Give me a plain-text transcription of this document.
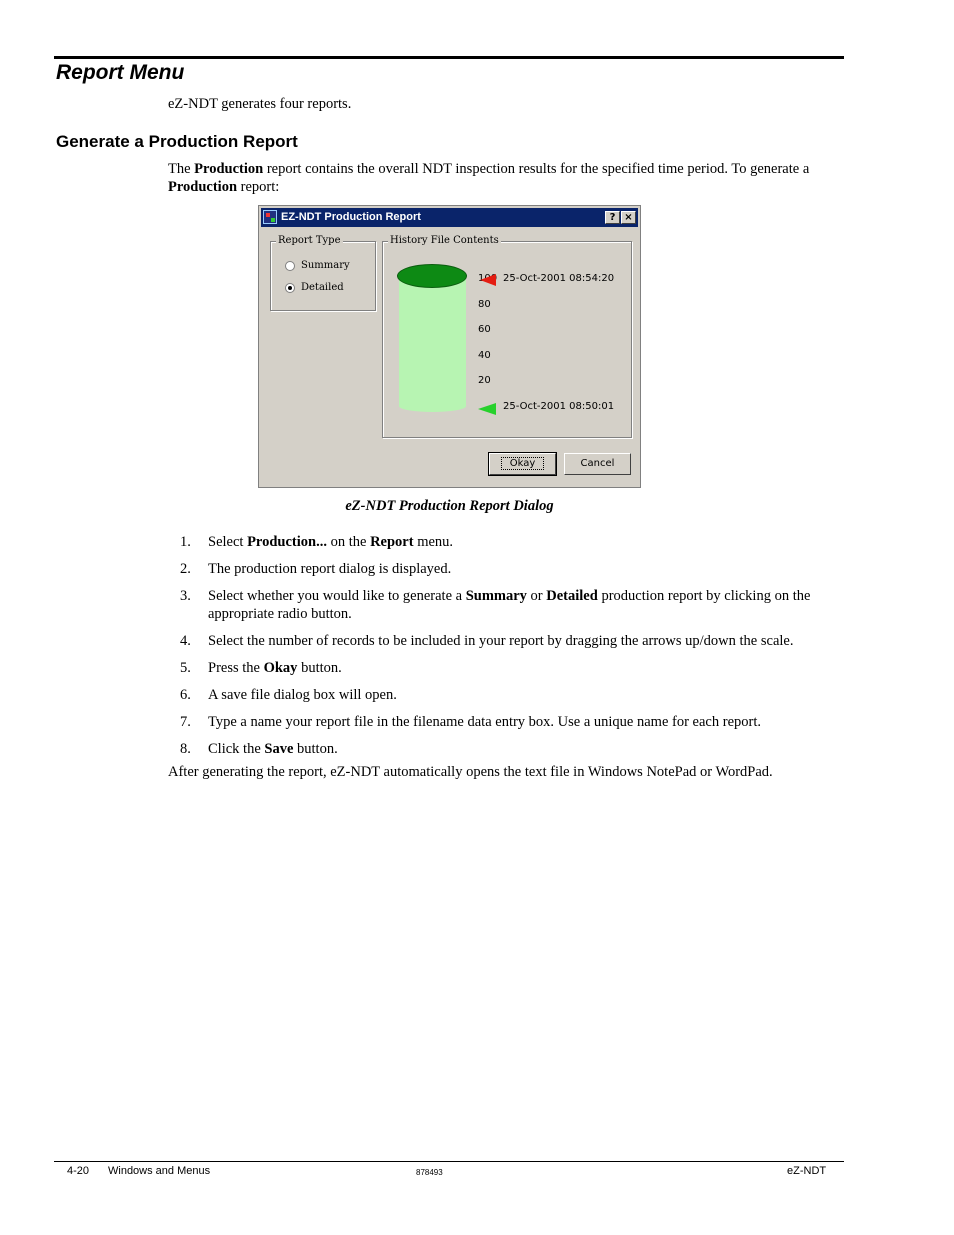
Report Menu

eZ-NDT generates four reports.

Generate a Production Report

The Production report contains the overall NDT inspection results for the specified time period. To generate a Production report:

EZ-NDT Production Report	? ×
Report Type
Summary
Detailed
History File Contents
100
80
60
40
20
25-Oct-2001 08:54:20
25-Oct-2001 08:50:01
Okay	Cancel

eZ-NDT Production Report Dialog

1. Select Production... on the Report menu.
2. The production report dialog is displayed.
3. Select whether you would like to generate a Summary or Detailed production report by clicking on the appropriate radio button.
4. Select the number of records to be included in your report by dragging the arrows up/down the scale.
5. Press the Okay button.
6. A save file dialog box will open.
7. Type a name your report file in the filename data entry box. Use a unique name for each report.
8. Click the Save button.

After generating the report, eZ-NDT automatically opens the text file in Windows NotePad or WordPad.

4-20 Windows and Menus	878493	eZ-NDT
